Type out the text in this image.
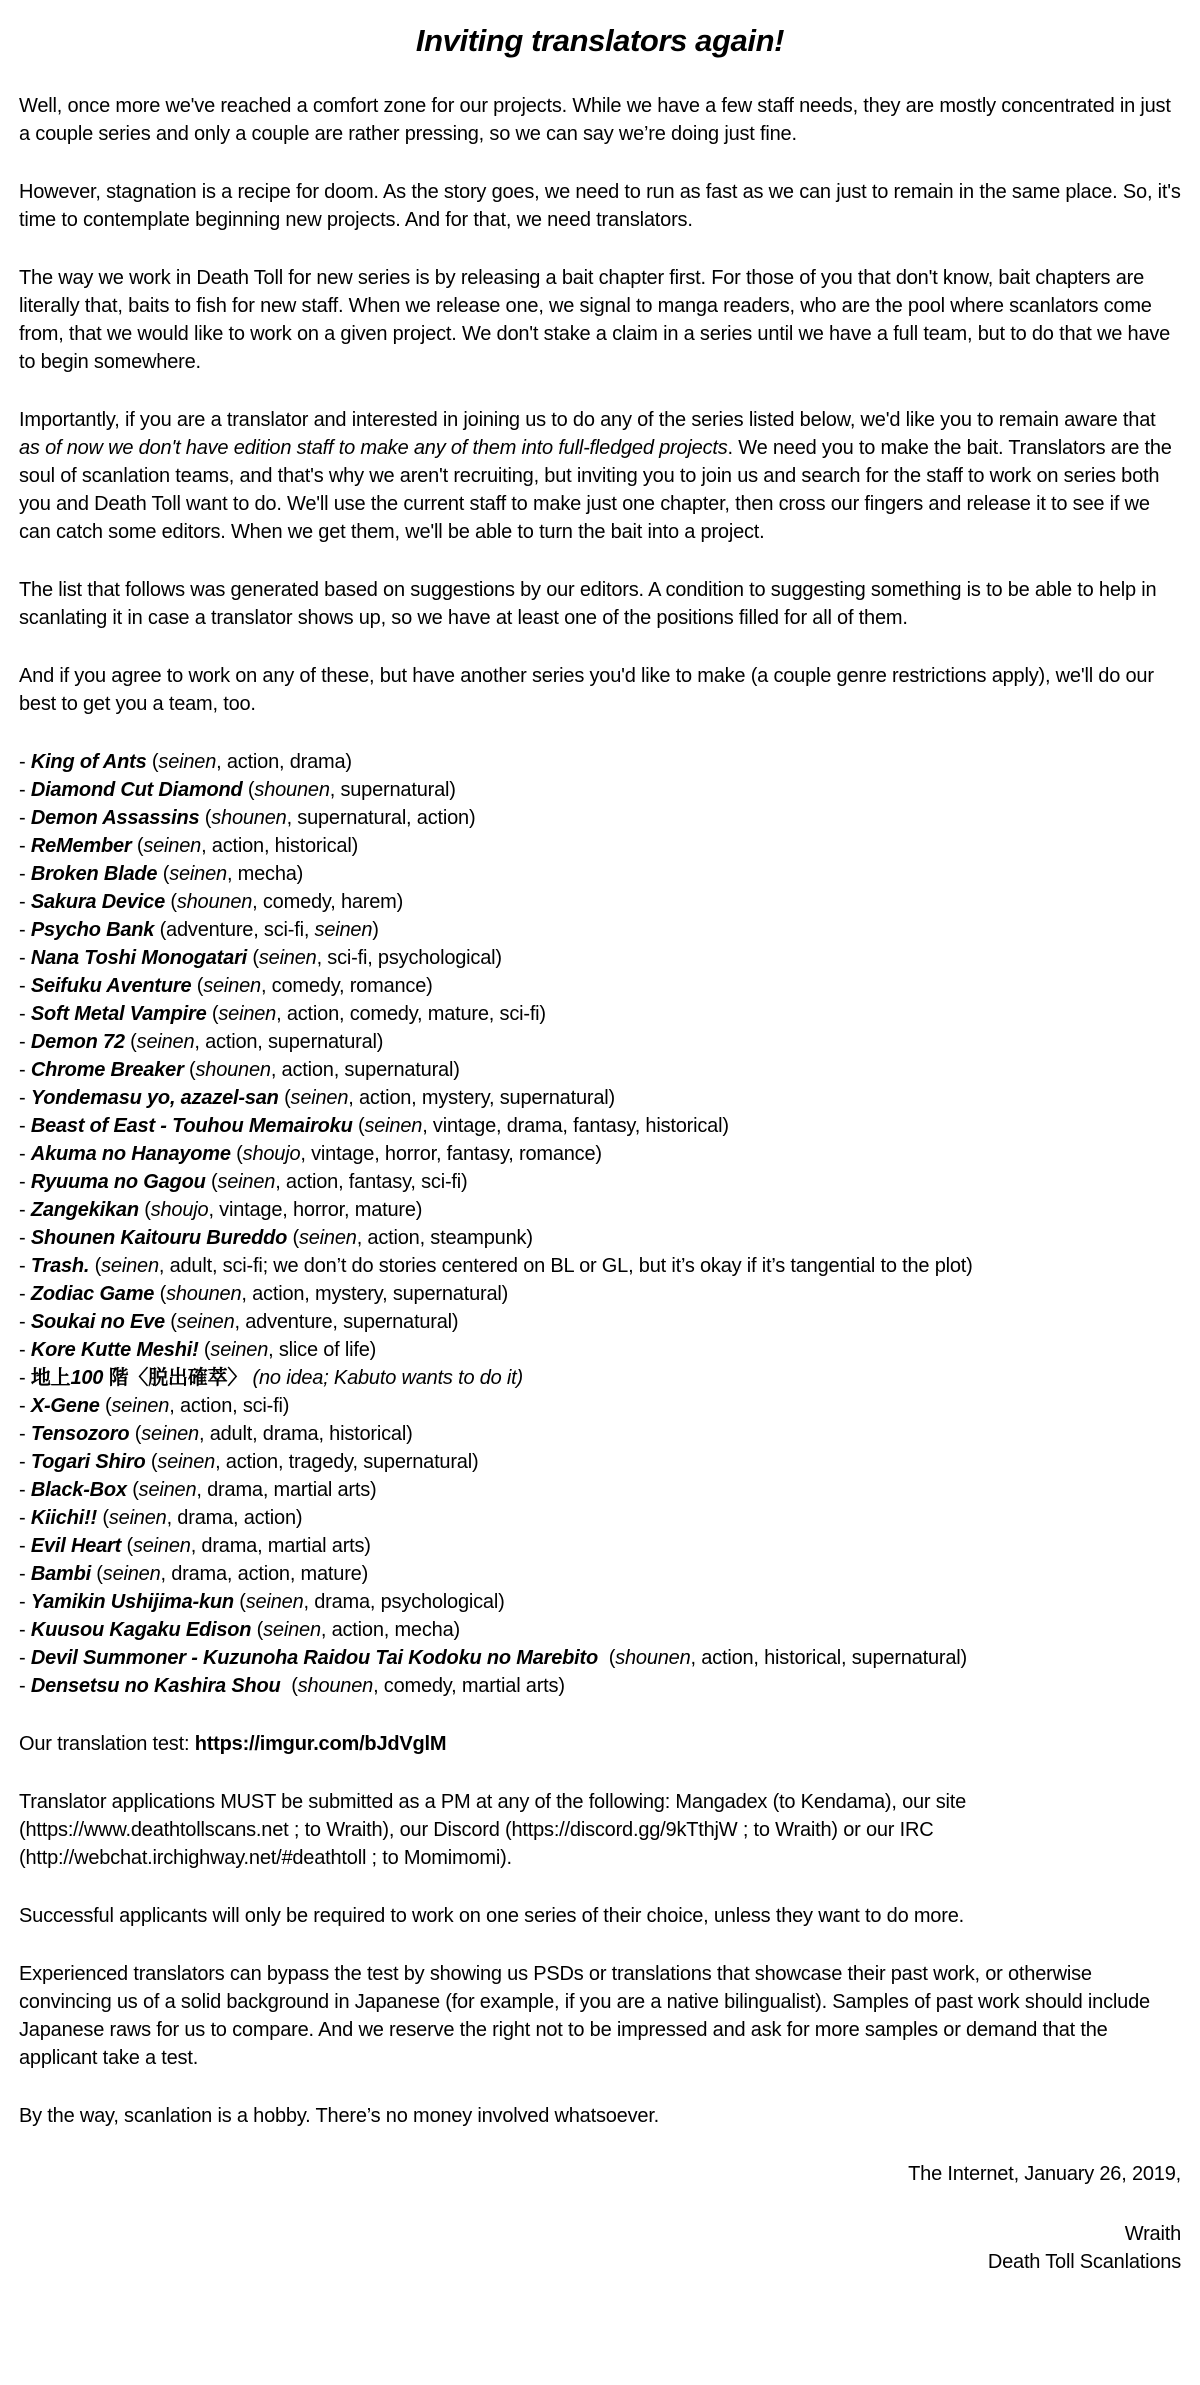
Inviting translators again!

Well, once more we've reached a comfort zone for our projects. While we have a few staff needs, they are mostly concentrated in just a couple series and only a couple are rather pressing, so we can say we’re doing just fine.

However, stagnation is a recipe for doom. As the story goes, we need to run as fast as we can just to remain in the same place. So, it's time to contemplate beginning new projects. And for that, we need translators.

The way we work in Death Toll for new series is by releasing a bait chapter first. For those of you that don't know, bait chapters are literally that, baits to fish for new staff. When we release one, we signal to manga readers, who are the pool where scanlators come from, that we would like to work on a given project. We don't stake a claim in a series until we have a full team, but to do that we have to begin somewhere.

Importantly, if you are a translator and interested in joining us to do any of the series listed below, we'd like you to remain aware that as of now we don't have edition staff to make any of them into full-fledged projects. We need you to make the bait. Translators are the soul of scanlation teams, and that's why we aren't recruiting, but inviting you to join us and search for the staff to work on series both you and Death Toll want to do. We'll use the current staff to make just one chapter, then cross our fingers and release it to see if we can catch some editors. When we get them, we'll be able to turn the bait into a project.

The list that follows was generated based on suggestions by our editors. A condition to suggesting something is to be able to help in scanlating it in case a translator shows up, so we have at least one of the positions filled for all of them.

And if you agree to work on any of these, but have another series you'd like to make (a couple genre restrictions apply), we'll do our best to get you a team, too.

- King of Ants (seinen, action, drama)
- Diamond Cut Diamond (shounen, supernatural)
- Demon Assassins (shounen, supernatural, action)
- ReMember (seinen, action, historical)
- Broken Blade (seinen, mecha)
- Sakura Device (shounen, comedy, harem)
- Psycho Bank (adventure, sci-fi, seinen)
- Nana Toshi Monogatari (seinen, sci-fi, psychological)
- Seifuku Aventure (seinen, comedy, romance)
- Soft Metal Vampire (seinen, action, comedy, mature, sci-fi)
- Demon 72 (seinen, action, supernatural)
- Chrome Breaker (shounen, action, supernatural)
- Yondemasu yo, azazel-san (seinen, action, mystery, supernatural)
- Beast of East - Touhou Memairoku (seinen, vintage, drama, fantasy, historical)
- Akuma no Hanayome (shoujo, vintage, horror, fantasy, romance)
- Ryuuma no Gagou (seinen, action, fantasy, sci-fi)
- Zangekikan (shoujo, vintage, horror, mature)
- Shounen Kaitouru Bureddo (seinen, action, steampunk)
- Trash. (seinen, adult, sci-fi; we don’t do stories centered on BL or GL, but it’s okay if it’s tangential to the plot)
- Zodiac Game (shounen, action, mystery, supernatural)
- Soukai no Eve (seinen, adventure, supernatural)
- Kore Kutte Meshi! (seinen, slice of life)
- 地上100 階〈脱出確萃〉 (no idea; Kabuto wants to do it)
- X-Gene (seinen, action, sci-fi)
- Tensozoro (seinen, adult, drama, historical)
- Togari Shiro (seinen, action, tragedy, supernatural)
- Black-Box (seinen, drama, martial arts)
- Kiichi!! (seinen, drama, action)
- Evil Heart (seinen, drama, martial arts)
- Bambi (seinen, drama, action, mature)
- Yamikin Ushijima-kun (seinen, drama, psychological)
- Kuusou Kagaku Edison (seinen, action, mecha)
- Devil Summoner - Kuzunoha Raidou Tai Kodoku no Marebito  (shounen, action, historical, supernatural)
- Densetsu no Kashira Shou  (shounen, comedy, martial arts)

Our translation test: https://imgur.com/bJdVglM

Translator applications MUST be submitted as a PM at any of the following: Mangadex (to Kendama), our site (https://www.deathtollscans.net ; to Wraith), our Discord (https://discord.gg/9kTthjW ; to Wraith) or our IRC (http://webchat.irchighway.net/#deathtoll ; to Momimomi).

Successful applicants will only be required to work on one series of their choice, unless they want to do more.

Experienced translators can bypass the test by showing us PSDs or translations that showcase their past work, or otherwise convincing us of a solid background in Japanese (for example, if you are a native bilingualist). Samples of past work should include Japanese raws for us to compare. And we reserve the right not to be impressed and ask for more samples or demand that the applicant take a test.

By the way, scanlation is a hobby. There’s no money involved whatsoever.

The Internet, January 26, 2019,

Wraith

Death Toll Scanlations
